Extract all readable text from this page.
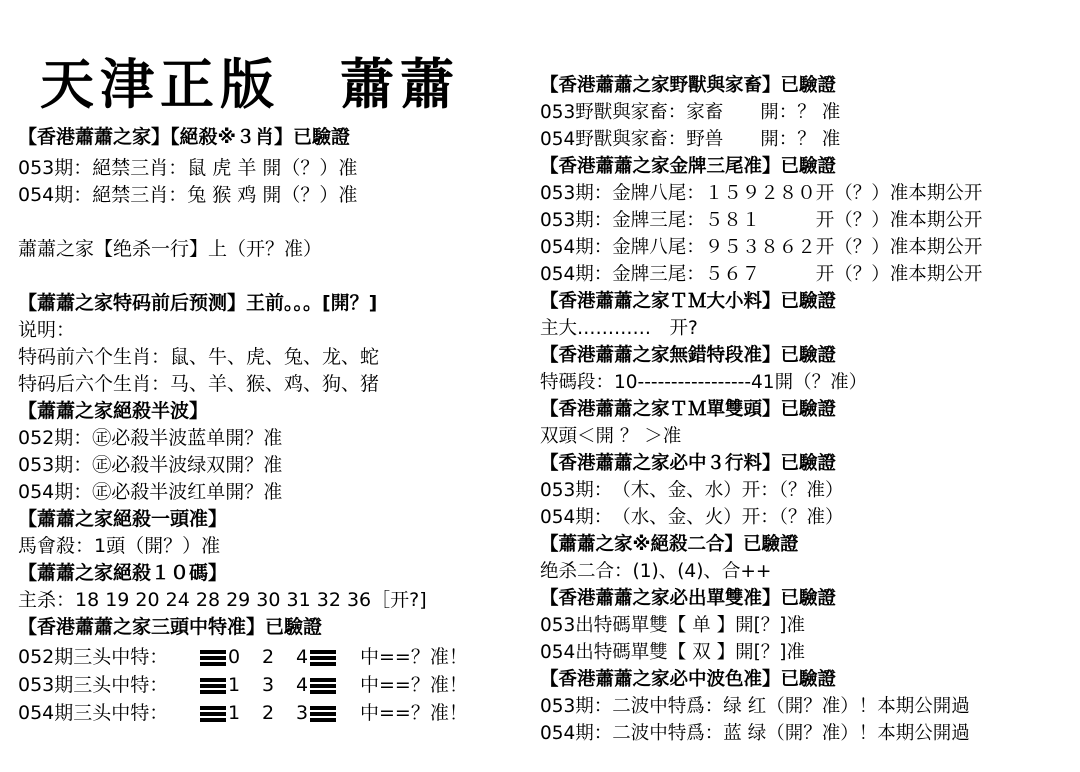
天津正版　蕭蕭
【香港蕭蕭之家】【絕殺※３肖】已驗證
053期：絕禁三肖：鼠 虎 羊 開（？）准
054期：絕禁三肖：兔 猴 鸡 開（？）准
蕭蕭之家【绝杀一行】上（开？准）
【蕭蕭之家特码前后预测】王前。。。[開？]
说明：
特码前六个生肖：鼠、牛、虎、兔、龙、蛇
特码后六个生肖：马、羊、猴、鸡、狗、猪
【蕭蕭之家絕殺半波】
052期：㊣必殺半波蓝单開？准
053期：㊣必殺半波绿双開？准
054期：㊣必殺半波红单開？准
【蕭蕭之家絕殺一頭准】
馬會殺：1頭（開？）准
【蕭蕭之家絕殺１０碼】
主杀：18 19 20 24 28 29 30 31 32 36［开?]
【香港蕭蕭之家三頭中特准】已驗證
052期三头中特：	0 2 4	中==？准！
053期三头中特：	1 3 4	中==？准！
054期三头中特：	1 2 3	中==？准！
【香港蕭蕭之家野獸與家畜】已驗證
053野獸與家畜：家畜　　開：？ 准
054野獸與家畜：野兽　　開：？ 准
【香港蕭蕭之家金牌三尾准】已驗證
053期：金牌八尾：１５９２８０开（？）准本期公开
053期：金牌三尾：５８１　　　开（？）准本期公开
054期：金牌八尾：９５３８６２开（？）准本期公开
054期：金牌三尾：５６７　　　开（？）准本期公开
【香港蕭蕭之家ＴＭ大小料】已驗證
主大…………　开?
【香港蕭蕭之家無錯特段准】已驗證
特碼段：10-----------------41開（？准）
【香港蕭蕭之家ＴＭ單雙頭】已驗證
双頭＜開 ？ ＞准
【香港蕭蕭之家必中３行料】已驗證
053期：　（木、金、水）开：（？准）
054期：　（水、金、火）开：（？准）
【蕭蕭之家※絕殺二合】已驗證
绝杀二合：(1)、(4)、合++
【香港蕭蕭之家必出單雙准】已驗證
053出特碼單雙【 单 】開[？]准
054出特碼單雙【 双 】開[？]准
【香港蕭蕭之家必中波色准】已驗證
053期：二波中特爲：绿 红（開？准）！本期公開過
054期：二波中特爲：蓝 绿（開？准）！本期公開過
